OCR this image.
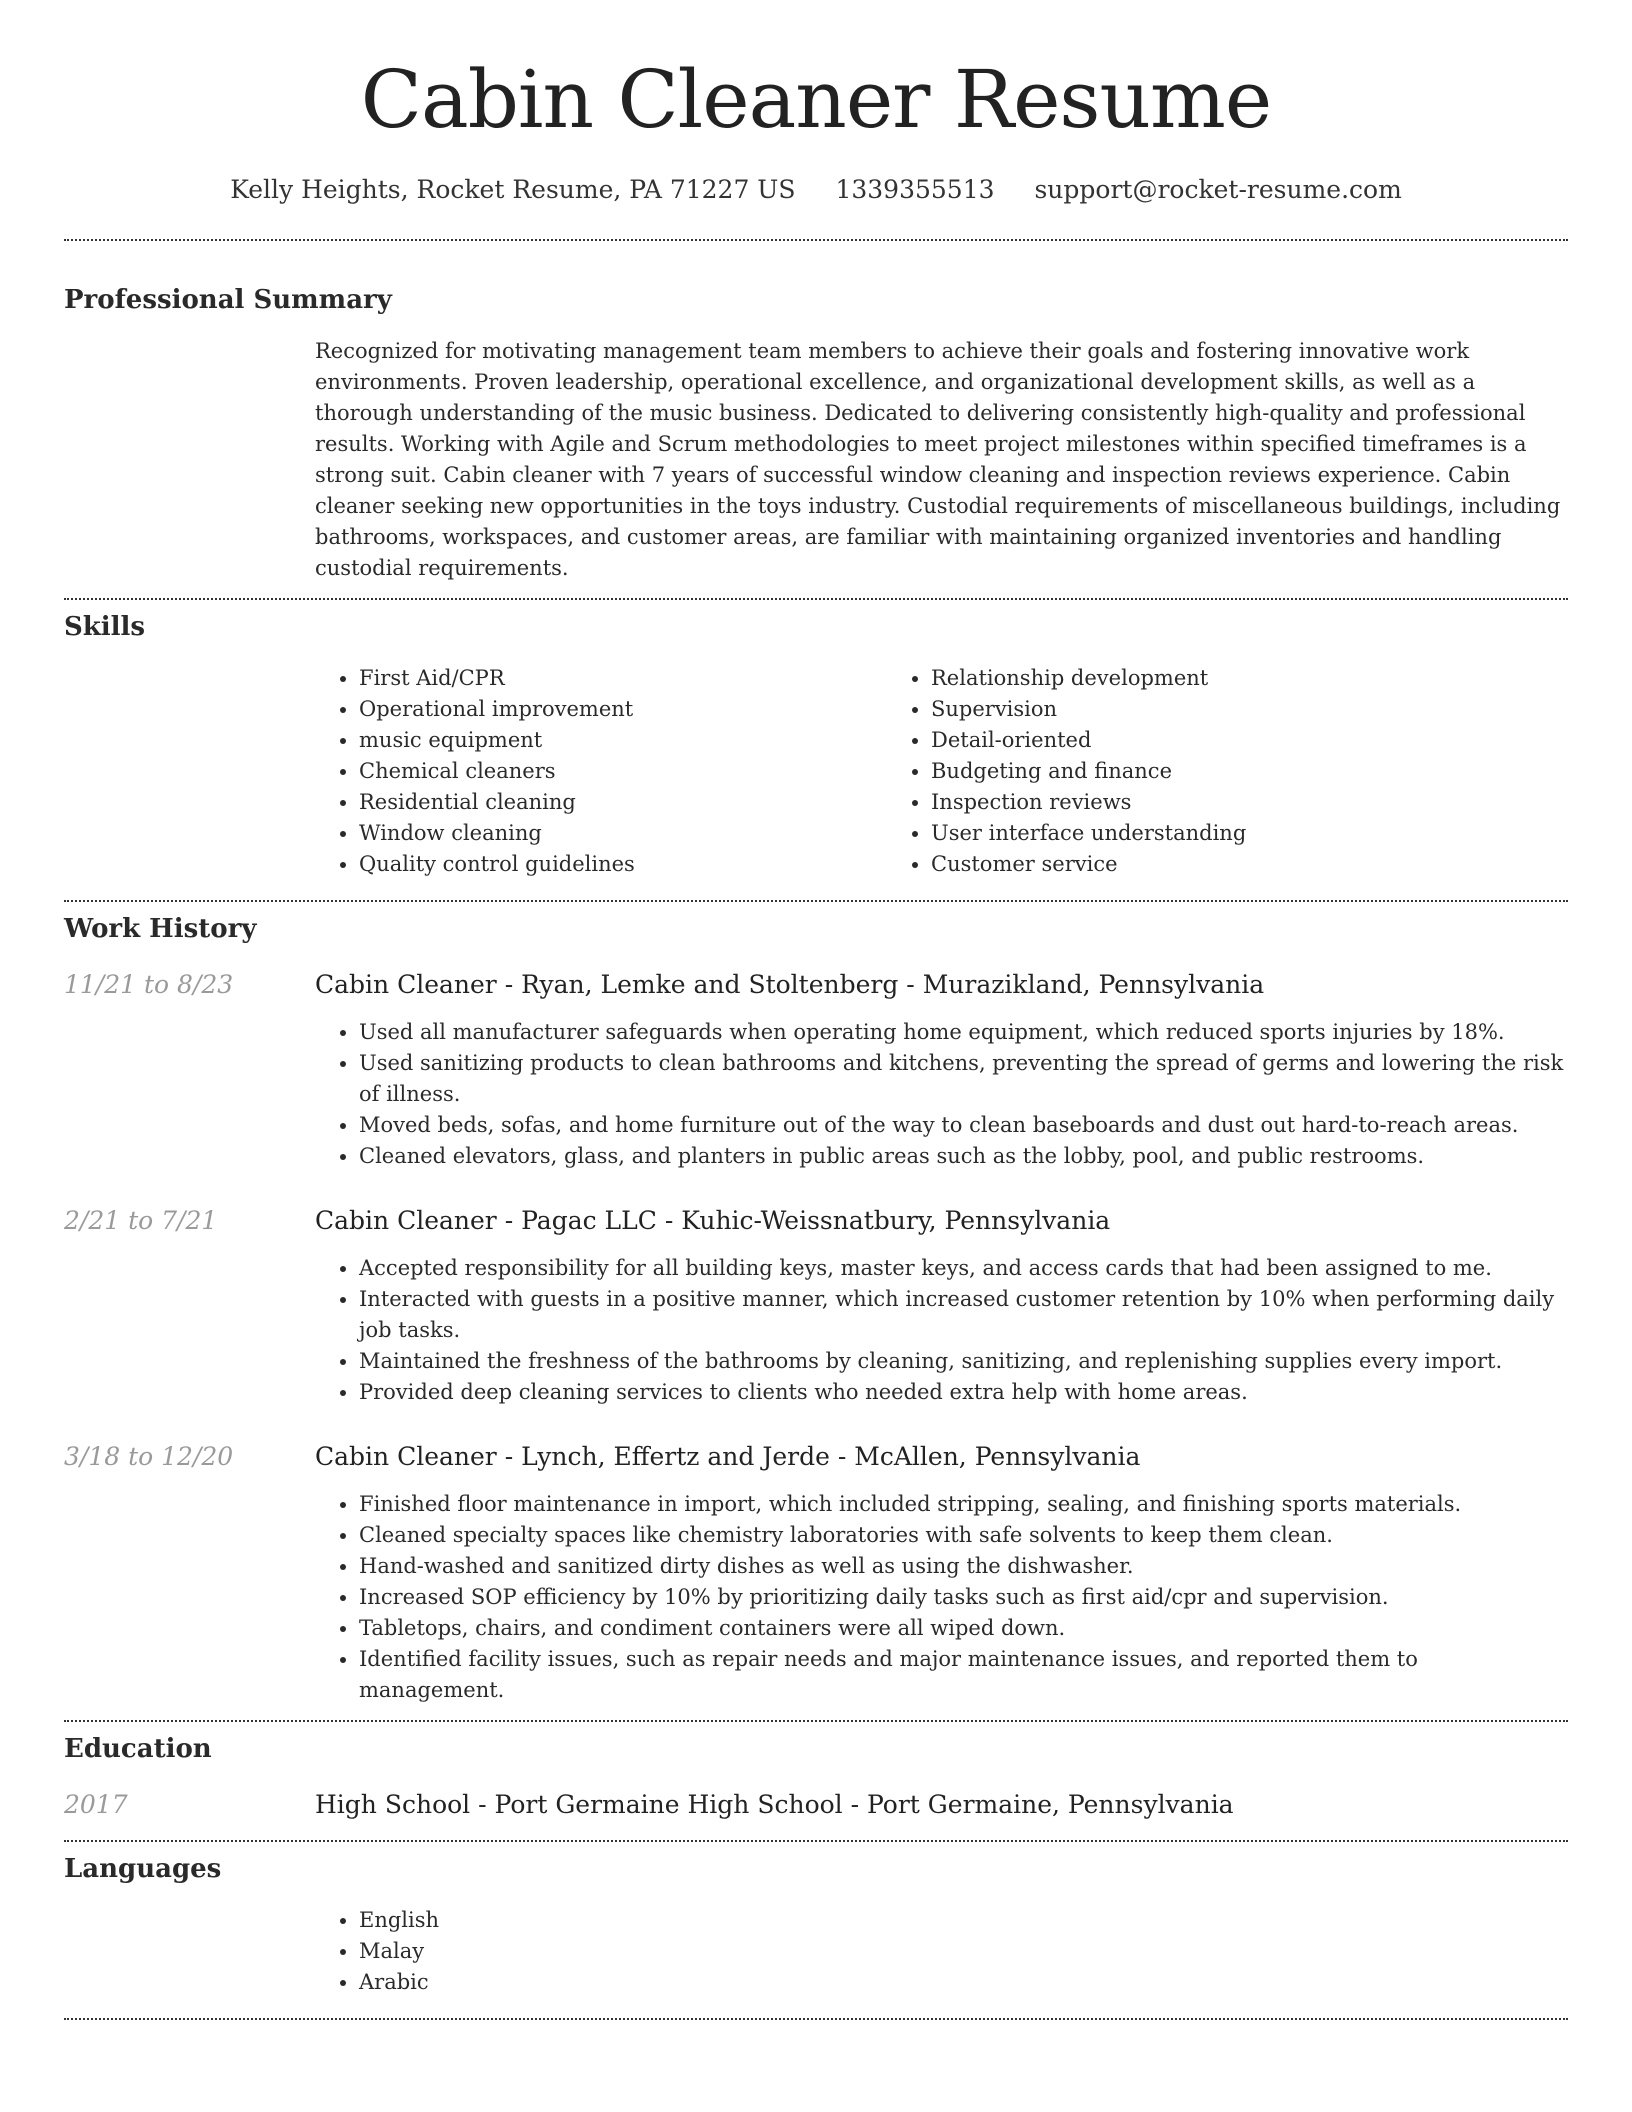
Cabin Cleaner Resume
Kelly Heights, Rocket Resume, PA 71227 US 1339355513 support@rocket-resume.com
Professional Summary

Recognized for motivating management team members to achieve their goals and fostering innovative work environments. Proven leadership, operational excellence, and organizational development skills, as well as a thorough understanding of the music business. Dedicated to delivering consistently high-quality and professional results. Working with Agile and Scrum methodologies to meet project milestones within specified timeframes is a strong suit. Cabin cleaner with 7 years of successful window cleaning and inspection reviews experience. Cabin cleaner seeking new opportunities in the toys industry. Custodial requirements of miscellaneous buildings, including bathrooms, workspaces, and customer areas, are familiar with maintaining organized inventories and handling custodial requirements.

Skills
• First Aid/CPR
• Operational improvement
• music equipment
• Chemical cleaners
• Residential cleaning
• Window cleaning
• Quality control guidelines
• Relationship development
• Supervision
• Detail-oriented
• Budgeting and finance
• Inspection reviews
• User interface understanding
• Customer service
Work History
11/21 to 8/23	Cabin Cleaner - Ryan, Lemke and Stoltenberg - Murazikland, Pennsylvania
• Used all manufacturer safeguards when operating home equipment, which reduced sports injuries by 18%.
• Used sanitizing products to clean bathrooms and kitchens, preventing the spread of germs and lowering the risk of illness.
• Moved beds, sofas, and home furniture out of the way to clean baseboards and dust out hard-to-reach areas.
• Cleaned elevators, glass, and planters in public areas such as the lobby, pool, and public restrooms.
2/21 to 7/21	Cabin Cleaner - Pagac LLC - Kuhic-Weissnatbury, Pennsylvania
• Accepted responsibility for all building keys, master keys, and access cards that had been assigned to me.
• Interacted with guests in a positive manner, which increased customer retention by 10% when performing daily job tasks.
• Maintained the freshness of the bathrooms by cleaning, sanitizing, and replenishing supplies every import.
• Provided deep cleaning services to clients who needed extra help with home areas.
3/18 to 12/20	Cabin Cleaner - Lynch, Effertz and Jerde - McAllen, Pennsylvania
• Finished floor maintenance in import, which included stripping, sealing, and finishing sports materials.
• Cleaned specialty spaces like chemistry laboratories with safe solvents to keep them clean.
• Hand-washed and sanitized dirty dishes as well as using the dishwasher.
• Increased SOP efficiency by 10% by prioritizing daily tasks such as first aid/cpr and supervision.
• Tabletops, chairs, and condiment containers were all wiped down.
• Identified facility issues, such as repair needs and major maintenance issues, and reported them to management.
Education
2017	High School - Port Germaine High School - Port Germaine, Pennsylvania
Languages
• English
• Malay
• Arabic
